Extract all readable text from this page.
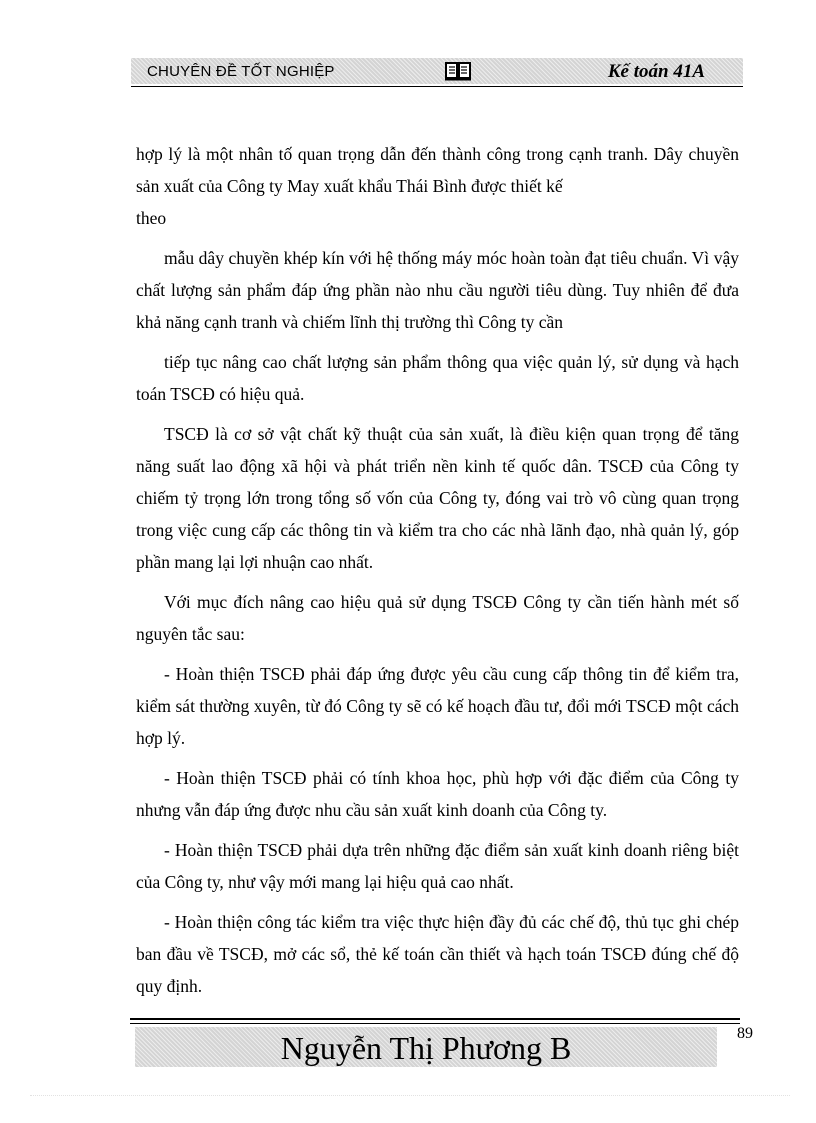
CHUYÊN ĐỀ TỐT NGHIỆP	Kế toán 41A

hợp lý là một nhân tố quan trọng dẫn đến thành công trong cạnh tranh. Dây chuyền sản xuất của Công ty May xuất khẩu Thái Bình được thiết kế

theo

mẫu dây chuyền khép kín với hệ thống máy móc hoàn toàn đạt tiêu chuẩn. Vì vậy chất lượng sản phẩm đáp ứng phần nào nhu cầu người tiêu dùng. Tuy nhiên để đưa khả năng cạnh tranh và chiếm lĩnh thị trường thì Công ty cần

tiếp tục nâng cao chất lượng sản phẩm thông qua việc quản lý, sử dụng và hạch toán TSCĐ có hiệu quả.

TSCĐ là cơ sở vật chất kỹ thuật của sản xuất, là điều kiện quan trọng để tăng năng suất lao động xã hội và phát triển nền kinh tế quốc dân. TSCĐ của Công ty chiếm tỷ trọng lớn trong tổng số vốn của Công ty, đóng vai trò vô cùng quan trọng trong việc cung cấp các thông tin và kiểm tra cho các nhà lãnh đạo, nhà quản lý, góp phần mang lại lợi nhuận cao nhất.

Với mục đích nâng cao hiệu quả sử dụng TSCĐ Công ty cần tiến hành mét số nguyên tắc sau:

- Hoàn thiện TSCĐ phải đáp ứng được yêu cầu cung cấp thông tin để kiểm tra, kiểm sát thường xuyên, từ đó Công ty sẽ có kế hoạch đầu tư, đổi mới TSCĐ một cách hợp lý.

- Hoàn thiện TSCĐ phải có tính khoa học, phù hợp với đặc điểm của Công ty nhưng vẫn đáp ứng được nhu cầu sản xuất kinh doanh của Công ty.

- Hoàn thiện TSCĐ phải dựa trên những đặc điểm sản xuất kinh doanh riêng biệt của Công ty, như vậy mới mang lại hiệu quả cao nhất.

- Hoàn thiện công tác kiểm tra việc thực hiện đầy đủ các chế độ, thủ tục ghi chép ban đầu về TSCĐ, mở các sổ, thẻ kế toán cần thiết và hạch toán TSCĐ đúng chế độ quy định.

Nguyễn Thị Phương B	89
